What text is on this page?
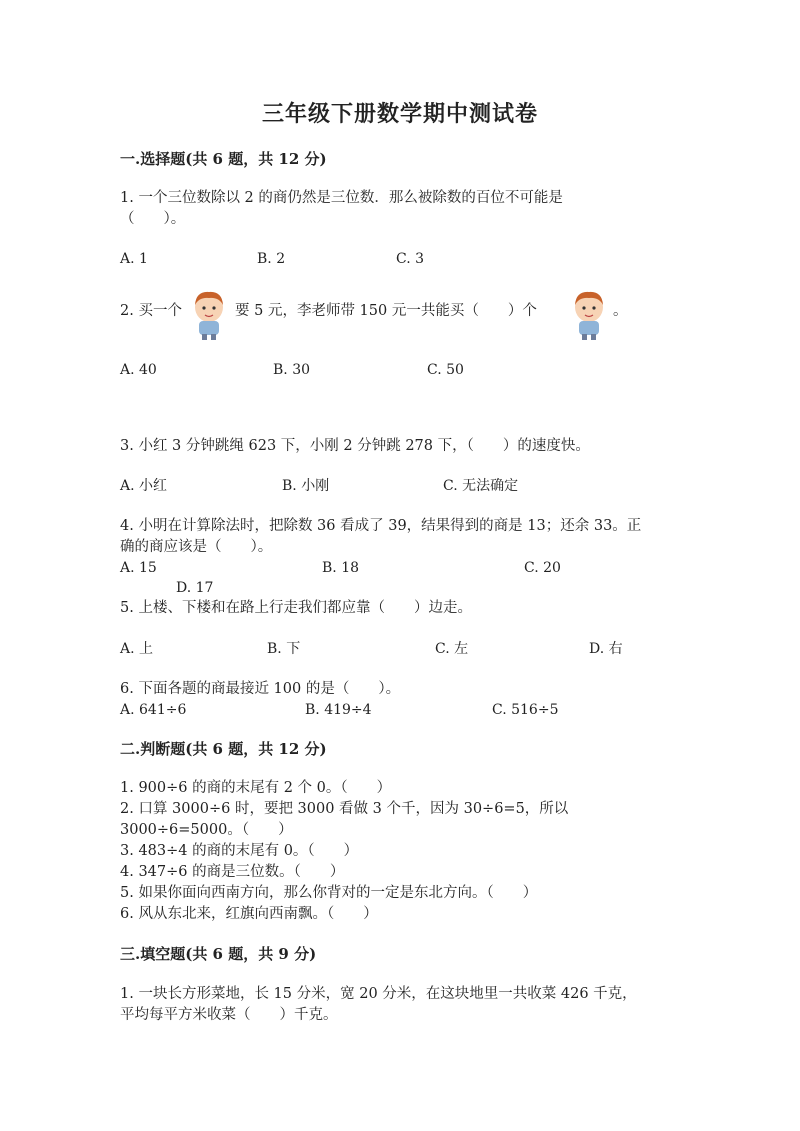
三年级下册数学期中测试卷
一.选择题(共 6 题，共 12 分)
1. 一个三位数除以 2 的商仍然是三位数．那么被除数的百位不可能是
（　　）。
A. 1	B. 2	C. 3
2. 买一个	要 5 元，李老师带 150 元一共能买（　　）个	。
A. 40	B. 30	C. 50
3. 小红 3 分钟跳绳 623 下，小刚 2 分钟跳 278 下，（　　）的速度快。
A. 小红	B. 小刚	C. 无法确定
4. 小明在计算除法时，把除数 36 看成了 39，结果得到的商是 13；还余 33。正
确的商应该是（　　）。
A. 15	B. 18	C. 20
D. 17
5. 上楼、下楼和在路上行走我们都应靠（　　）边走。
A. 上	B. 下	C. 左	D. 右
6. 下面各题的商最接近 100 的是（　　）。
A. 641÷6	B. 419÷4	C. 516÷5
二.判断题(共 6 题，共 12 分)
1. 900÷6 的商的末尾有 2 个 0。（　　）
2. 口算 3000÷6 时，要把 3000 看做 3 个千，因为 30÷6=5，所以
3000÷6=5000。（　　）
3. 483÷4 的商的末尾有 0。（　　）
4. 347÷6 的商是三位数。（　　）
5. 如果你面向西南方向，那么你背对的一定是东北方向。（　　）
6. 风从东北来，红旗向西南飘。（　　）
三.填空题(共 6 题，共 9 分)
1. 一块长方形菜地，长 15 分米，宽 20 分米，在这块地里一共收菜 426 千克，
平均每平方米收菜（　　）千克。
